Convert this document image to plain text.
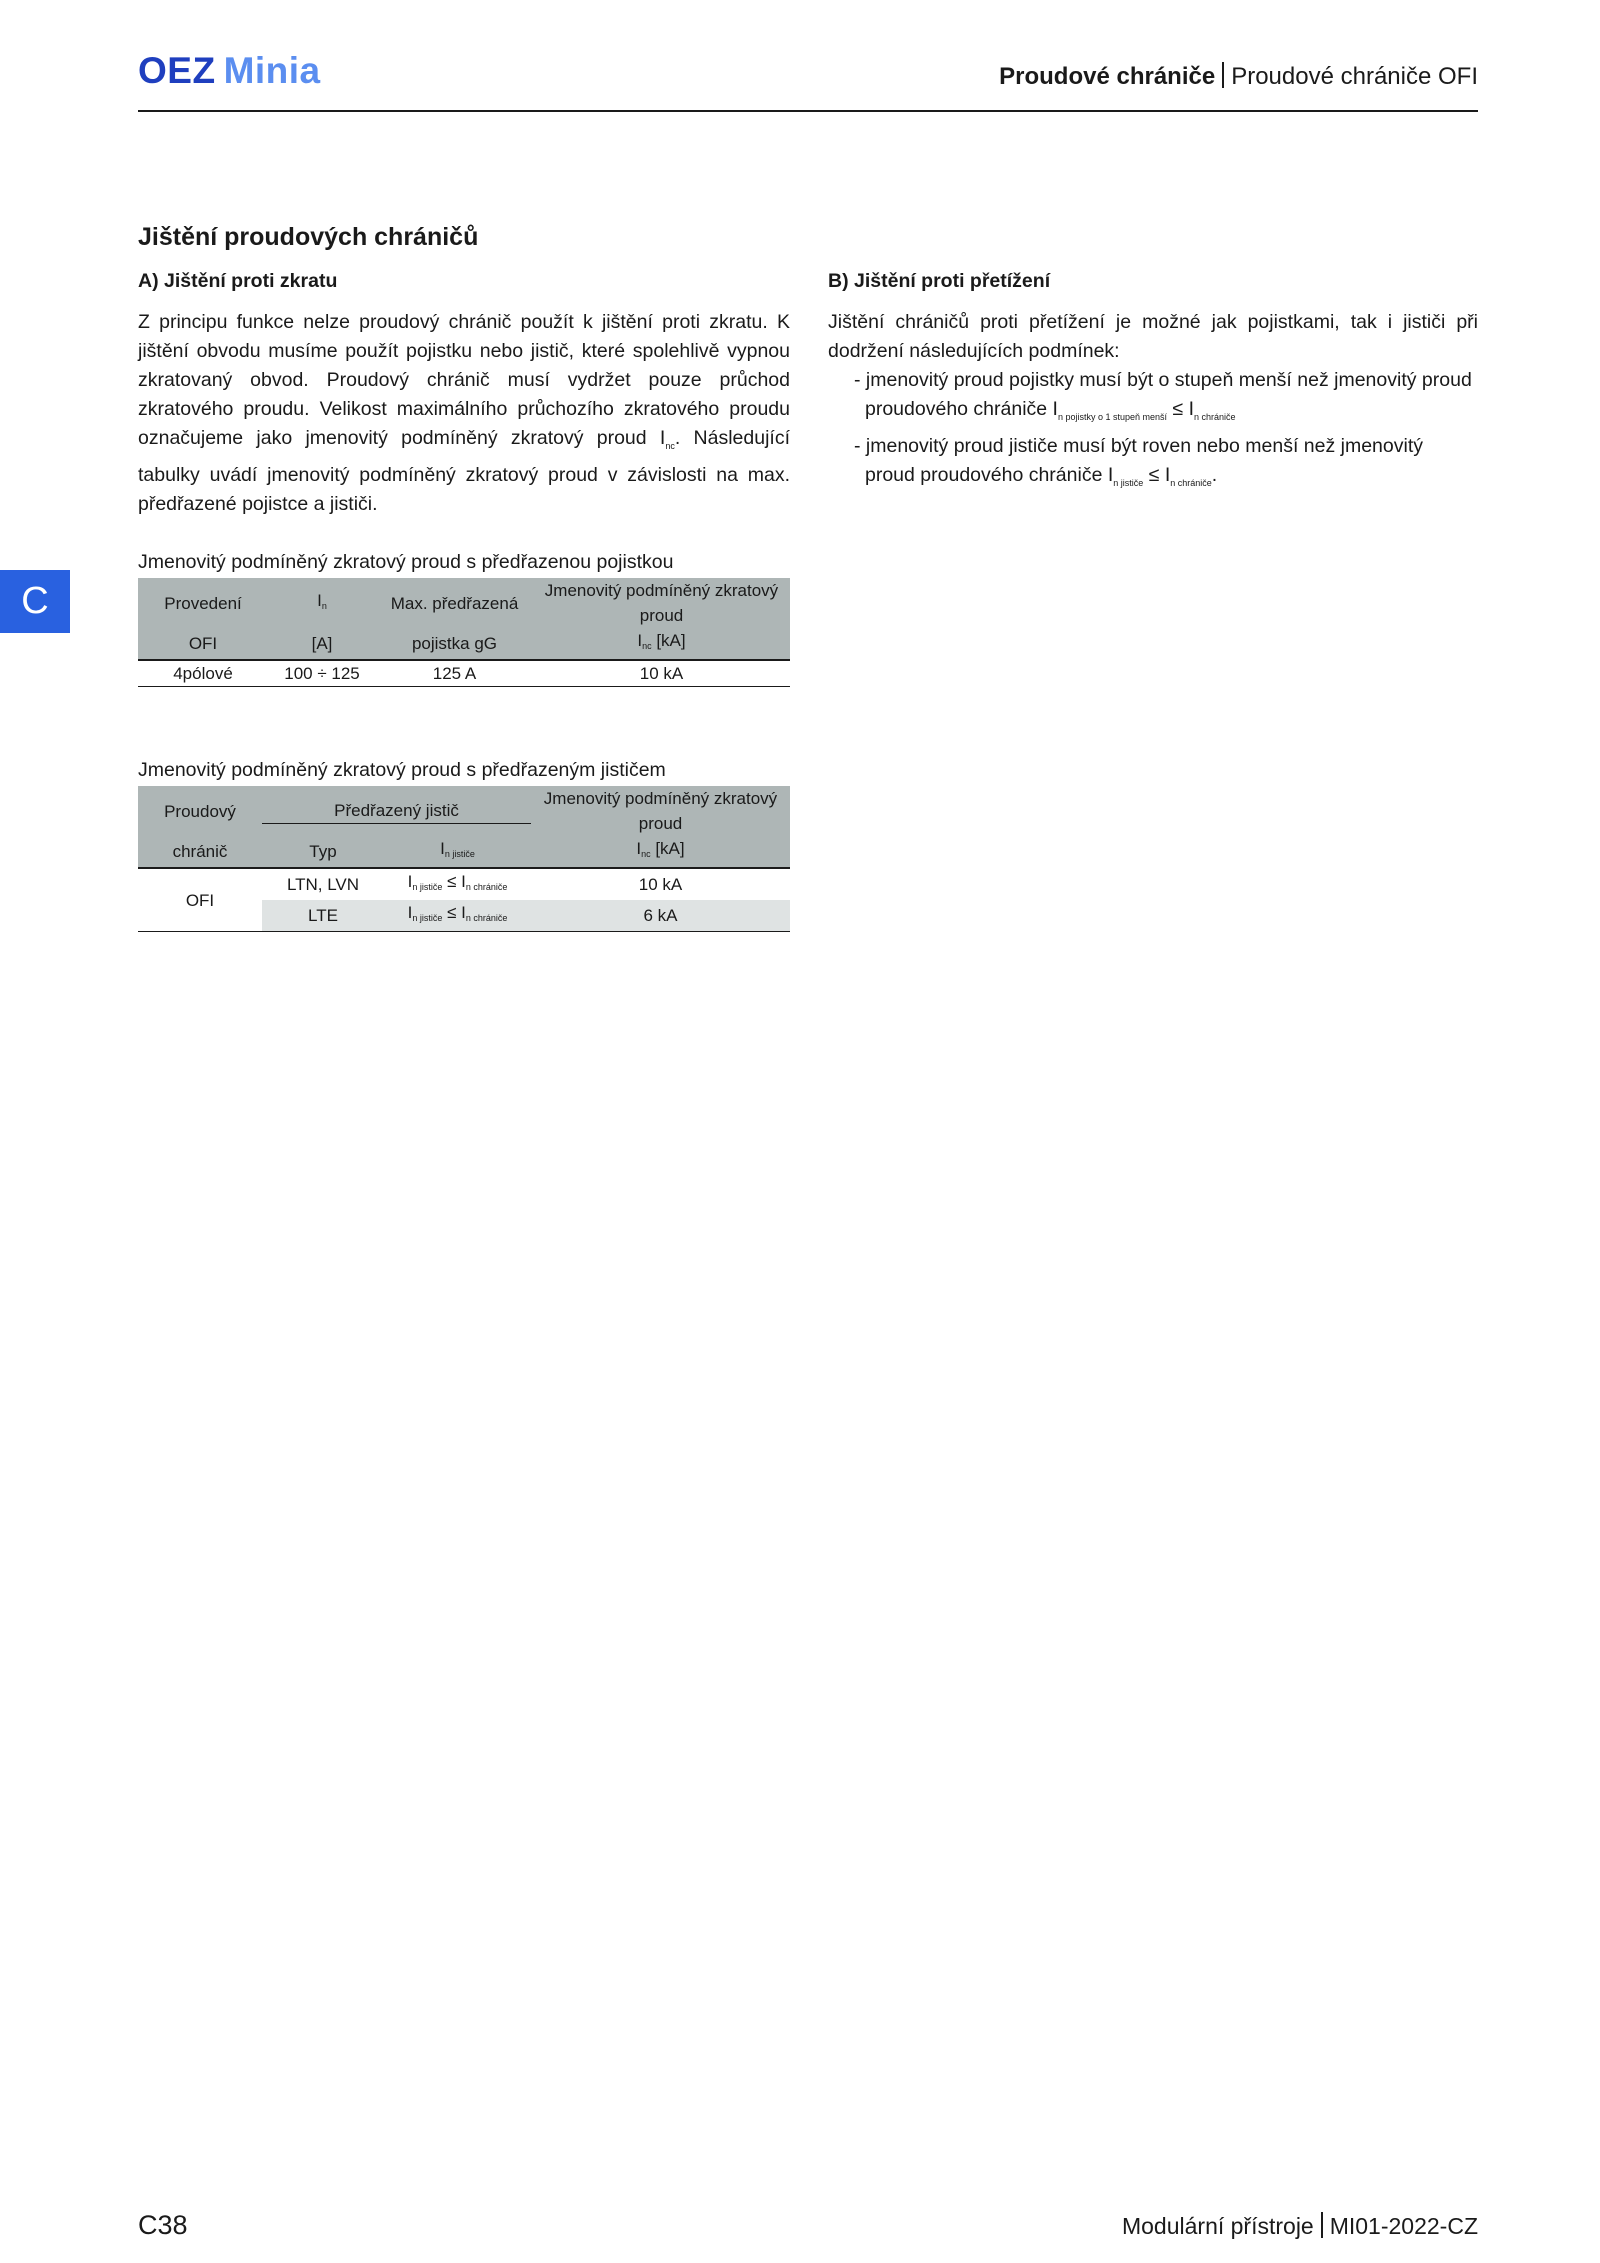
OEZ Minia	Proudové chrániče Proudové chrániče OFI
C
Jištění proudových chráničů
A) Jištění proti zkratu
Z principu funkce nelze proudový chránič použít k jištění proti zkratu. K jištění obvodu musíme použít pojistku nebo jistič, které spolehlivě vypnou zkratovaný obvod. Proudový chránič musí vydržet pouze průchod zkratového proudu. Velikost maximálního průchozího zkratového proudu označujeme jako jmenovitý podmíněný zkratový proud $I_{nc}$. Následující tabulky uvádí jmenovitý podmíněný zkratový proud v závislosti na max. předřazené pojistce a jističi.
B) Jištění proti přetížení
Jištění chráničů proti přetížení je možné jak pojistkami, tak i jističi při dodržení následujících podmínek:
- jmenovitý proud pojistky musí být o stupeň menší než jmenovitý proud proudového chrániče $I_{n pojistky o 1 stupeň menší} \le I_{n chrániče}$
- jmenovitý proud jističe musí být roven nebo menší než jmenovitý proud proudového chrániče $I_{n jističe} \le I_{n chrániče}$.
Jmenovitý podmíněný zkratový proud s předřazenou pojistkou
Provedení	In	Max. předřazená	Jmenovitý podmíněný zkratový proud
OFI	[A]	pojistka gG	Inc [kA]
4pólové	100 ÷ 125	125 A	10 kA
Jmenovitý podmíněný zkratový proud s předřazeným jističem
Proudový	Předřazený jistič		Jmenovitý podmíněný zkratový proud
chránič	Typ	In jističe	Inc [kA]
OFI	LTN, LVN	In jističe ≤ In chrániče	10 kA
	LTE	In jističe ≤ In chrániče	6 kA
C38	Modulární přístroje MI01-2022-CZ
